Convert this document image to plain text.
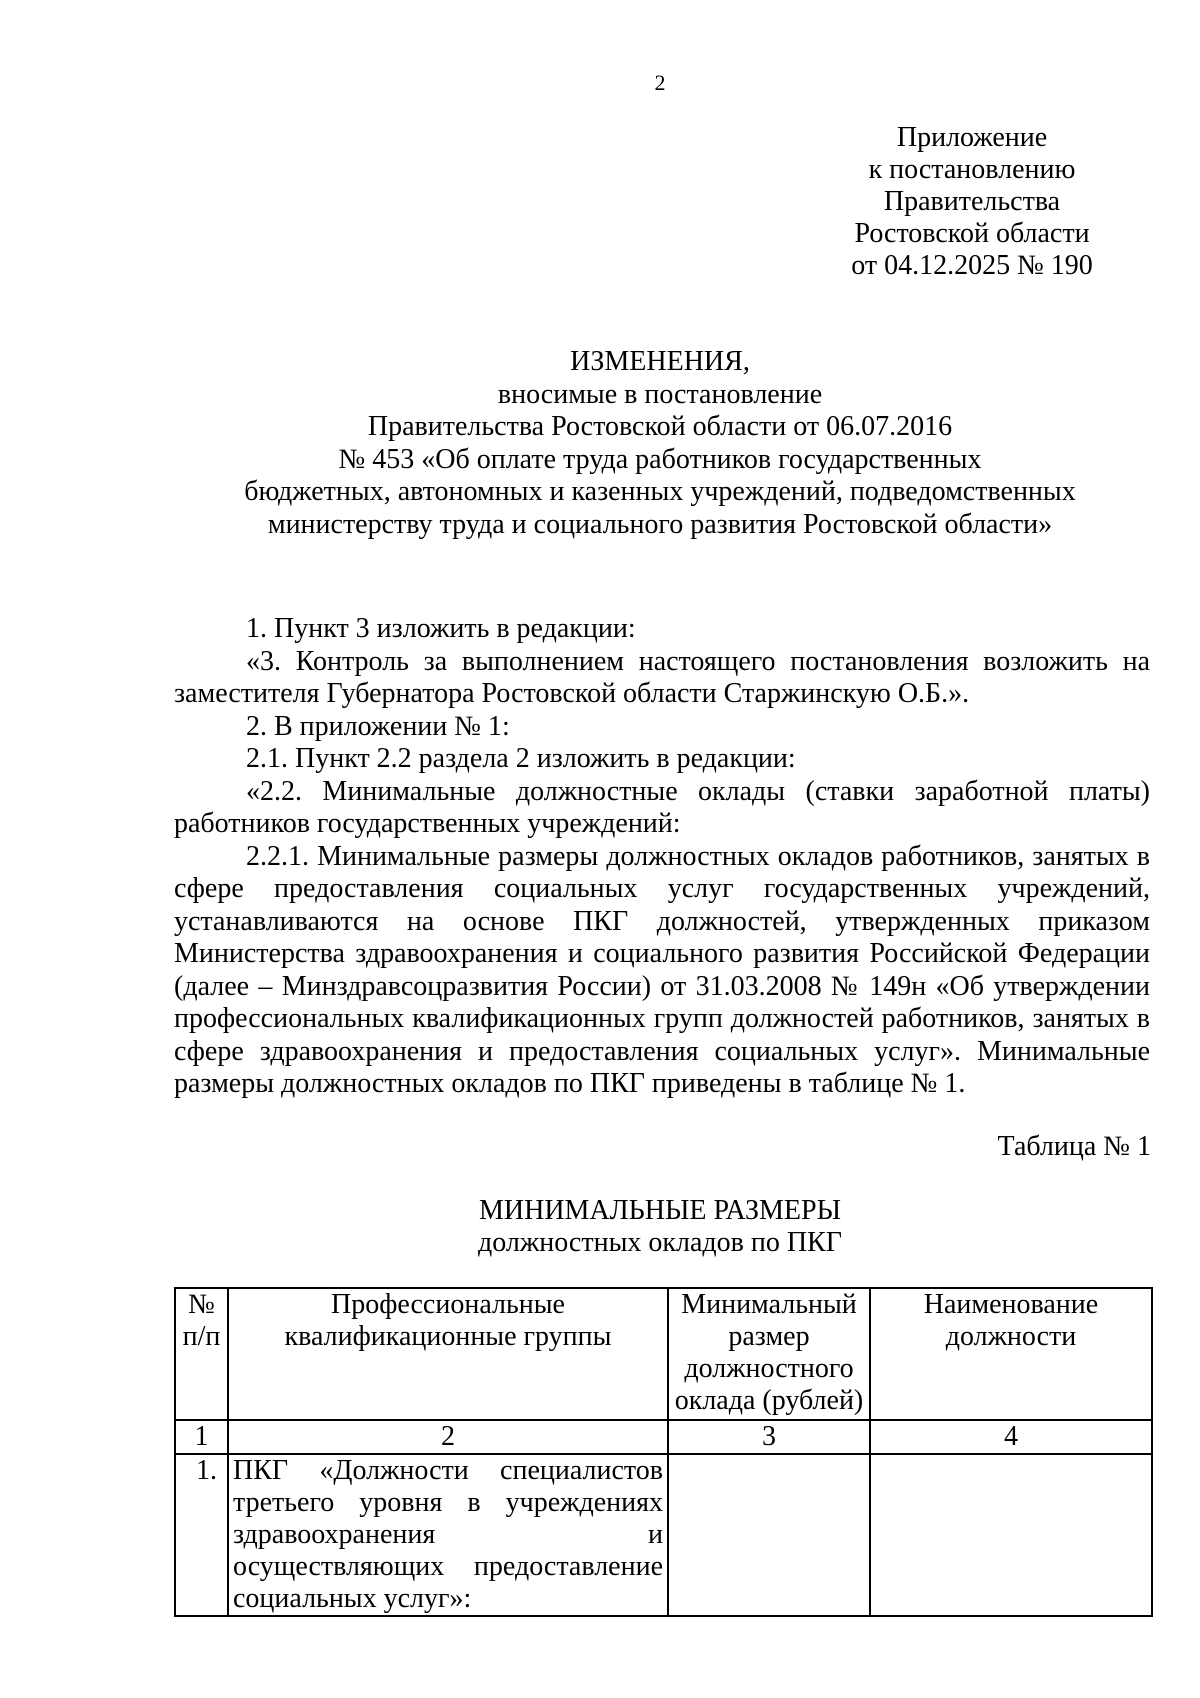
2
Приложение
к постановлению
Правительства
Ростовской области
от 04.12.2025 № 190
ИЗМЕНЕНИЯ,
вносимые в постановление
Правительства Ростовской области от 06.07.2016
№ 453 «Об оплате труда работников государственных
бюджетных, автономных и казенных учреждений, подведомственных
министерству труда и социального развития Ростовской области»

1. Пункт 3 изложить в редакции:

«3. Контроль за выполнением настоящего постановления возложить на заместителя Губернатора Ростовской области Старжинскую О.Б.».

2. В приложении № 1:

2.1. Пункт 2.2 раздела 2 изложить в редакции:

«2.2. Минимальные должностные оклады (ставки заработной платы) работников государственных учреждений:

2.2.1. Минимальные размеры должностных окладов работников, занятых в сфере предоставления социальных услуг государственных учреждений, устанавливаются на основе ПКГ должностей, утвержденных приказом Министерства здравоохранения и социального развития Российской Федерации (далее – Минздравсоцразвития России) от 31.03.2008 № 149н «Об утверждении профессиональных квалификационных групп должностей работников, занятых в сфере здравоохранения и предоставления социальных услуг». Минимальные размеры должностных окладов по ПКГ приведены в таблице № 1.

Таблица № 1
МИНИМАЛЬНЫЕ РАЗМЕРЫ
должностных окладов по ПКГ
№ п/п	Профессиональные квалификационные группы	Минимальный размер должностного оклада (рублей)	Наименование должности
1	2	3	4
1.	ПКГ «Должности специалистов третьего уровня в учреждениях здравоохранения и осуществляющих предоставление социальных услуг»:		
